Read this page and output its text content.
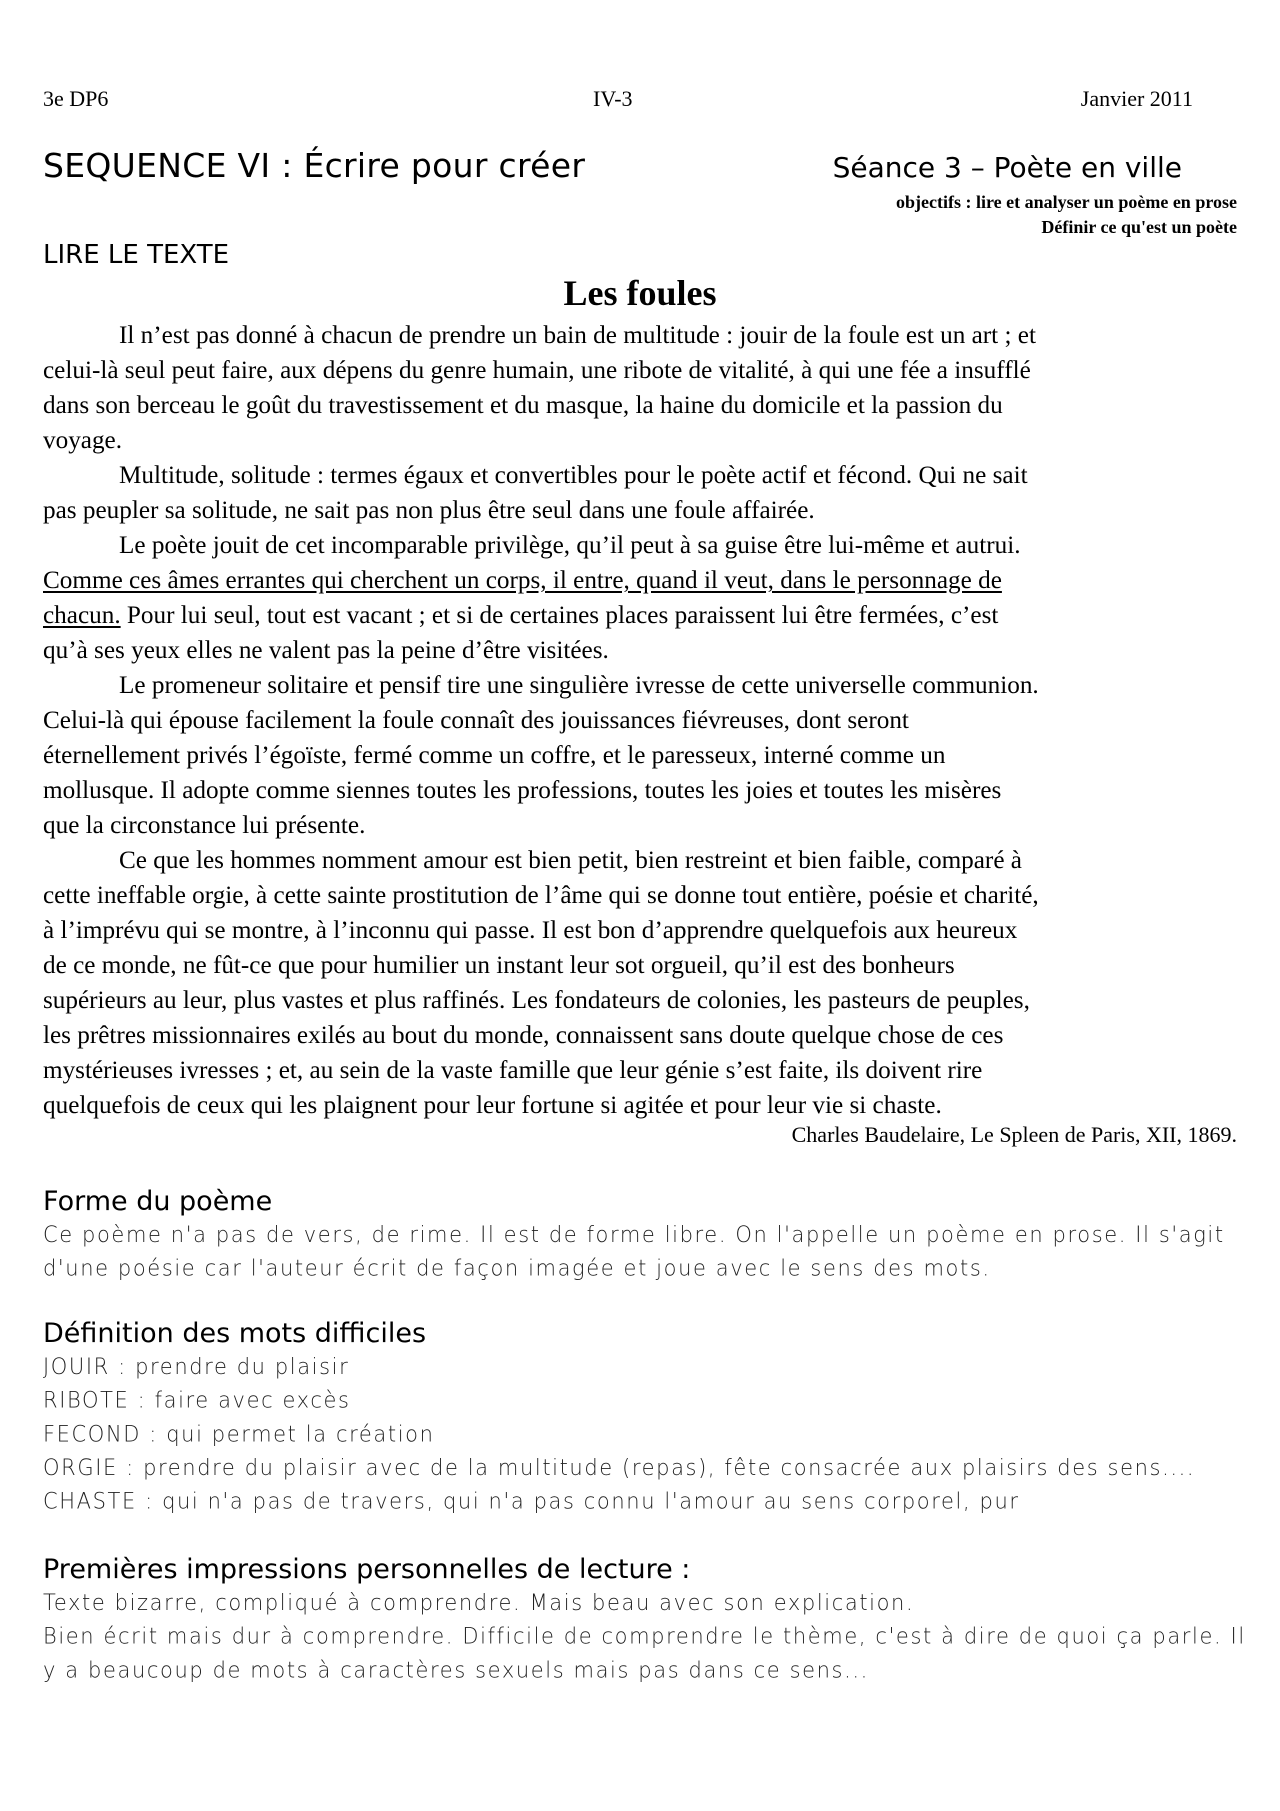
3e DP6	IV-3	Janvier 2011
SEQUENCE VI : Écrire pour créer	Séance 3 – Poète en ville
objectifs : lire et analyser un poème en prose
Définir ce qu'est un poète
LIRE LE TEXTE
Les foules
Il n’est pas donné à chacun de prendre un bain de multitude : jouir de la foule est un art ; et
celui-là seul peut faire, aux dépens du genre humain, une ribote de vitalité, à qui une fée a insufflé
dans son berceau le goût du travestissement et du masque, la haine du domicile et la passion du
voyage.
Multitude, solitude : termes égaux et convertibles pour le poète actif et fécond. Qui ne sait
pas peupler sa solitude, ne sait pas non plus être seul dans une foule affairée.
Le poète jouit de cet incomparable privilège, qu’il peut à sa guise être lui-même et autrui.
Comme ces âmes errantes qui cherchent un corps, il entre, quand il veut, dans le personnage de
chacun. Pour lui seul, tout est vacant ; et si de certaines places paraissent lui être fermées, c’est
qu’à ses yeux elles ne valent pas la peine d’être visitées.
Le promeneur solitaire et pensif tire une singulière ivresse de cette universelle communion.
Celui-là qui épouse facilement la foule connaît des jouissances fiévreuses, dont seront
éternellement privés l’égoïste, fermé comme un coffre, et le paresseux, interné comme un
mollusque. Il adopte comme siennes toutes les professions, toutes les joies et toutes les misères
que la circonstance lui présente.
Ce que les hommes nomment amour est bien petit, bien restreint et bien faible, comparé à
cette ineffable orgie, à cette sainte prostitution de l’âme qui se donne tout entière, poésie et charité,
à l’imprévu qui se montre, à l’inconnu qui passe. Il est bon d’apprendre quelquefois aux heureux
de ce monde, ne fût-ce que pour humilier un instant leur sot orgueil, qu’il est des bonheurs
supérieurs au leur, plus vastes et plus raffinés. Les fondateurs de colonies, les pasteurs de peuples,
les prêtres missionnaires exilés au bout du monde, connaissent sans doute quelque chose de ces
mystérieuses ivresses ; et, au sein de la vaste famille que leur génie s’est faite, ils doivent rire
quelquefois de ceux qui les plaignent pour leur fortune si agitée et pour leur vie si chaste.
Charles Baudelaire, Le Spleen de Paris, XII, 1869.
Forme du poème
Ce poème n'a pas de vers, de rime. Il est de forme libre. On l'appelle un poème en prose. Il s'agit
d'une poésie car l'auteur écrit de façon imagée et joue avec le sens des mots.
Définition des mots difficiles
JOUIR : prendre du plaisir
RIBOTE : faire avec excès
FECOND : qui permet la création
ORGIE : prendre du plaisir avec de la multitude (repas), fête consacrée aux plaisirs des sens....
CHASTE : qui n'a pas de travers, qui n'a pas connu l'amour au sens corporel, pur
Premières impressions personnelles de lecture :
Texte bizarre, compliqué à comprendre. Mais beau avec son explication.
Bien écrit mais dur à comprendre. Difficile de comprendre le thème, c'est à dire de quoi ça parle. Il
y a beaucoup de mots à caractères sexuels mais pas dans ce sens...
